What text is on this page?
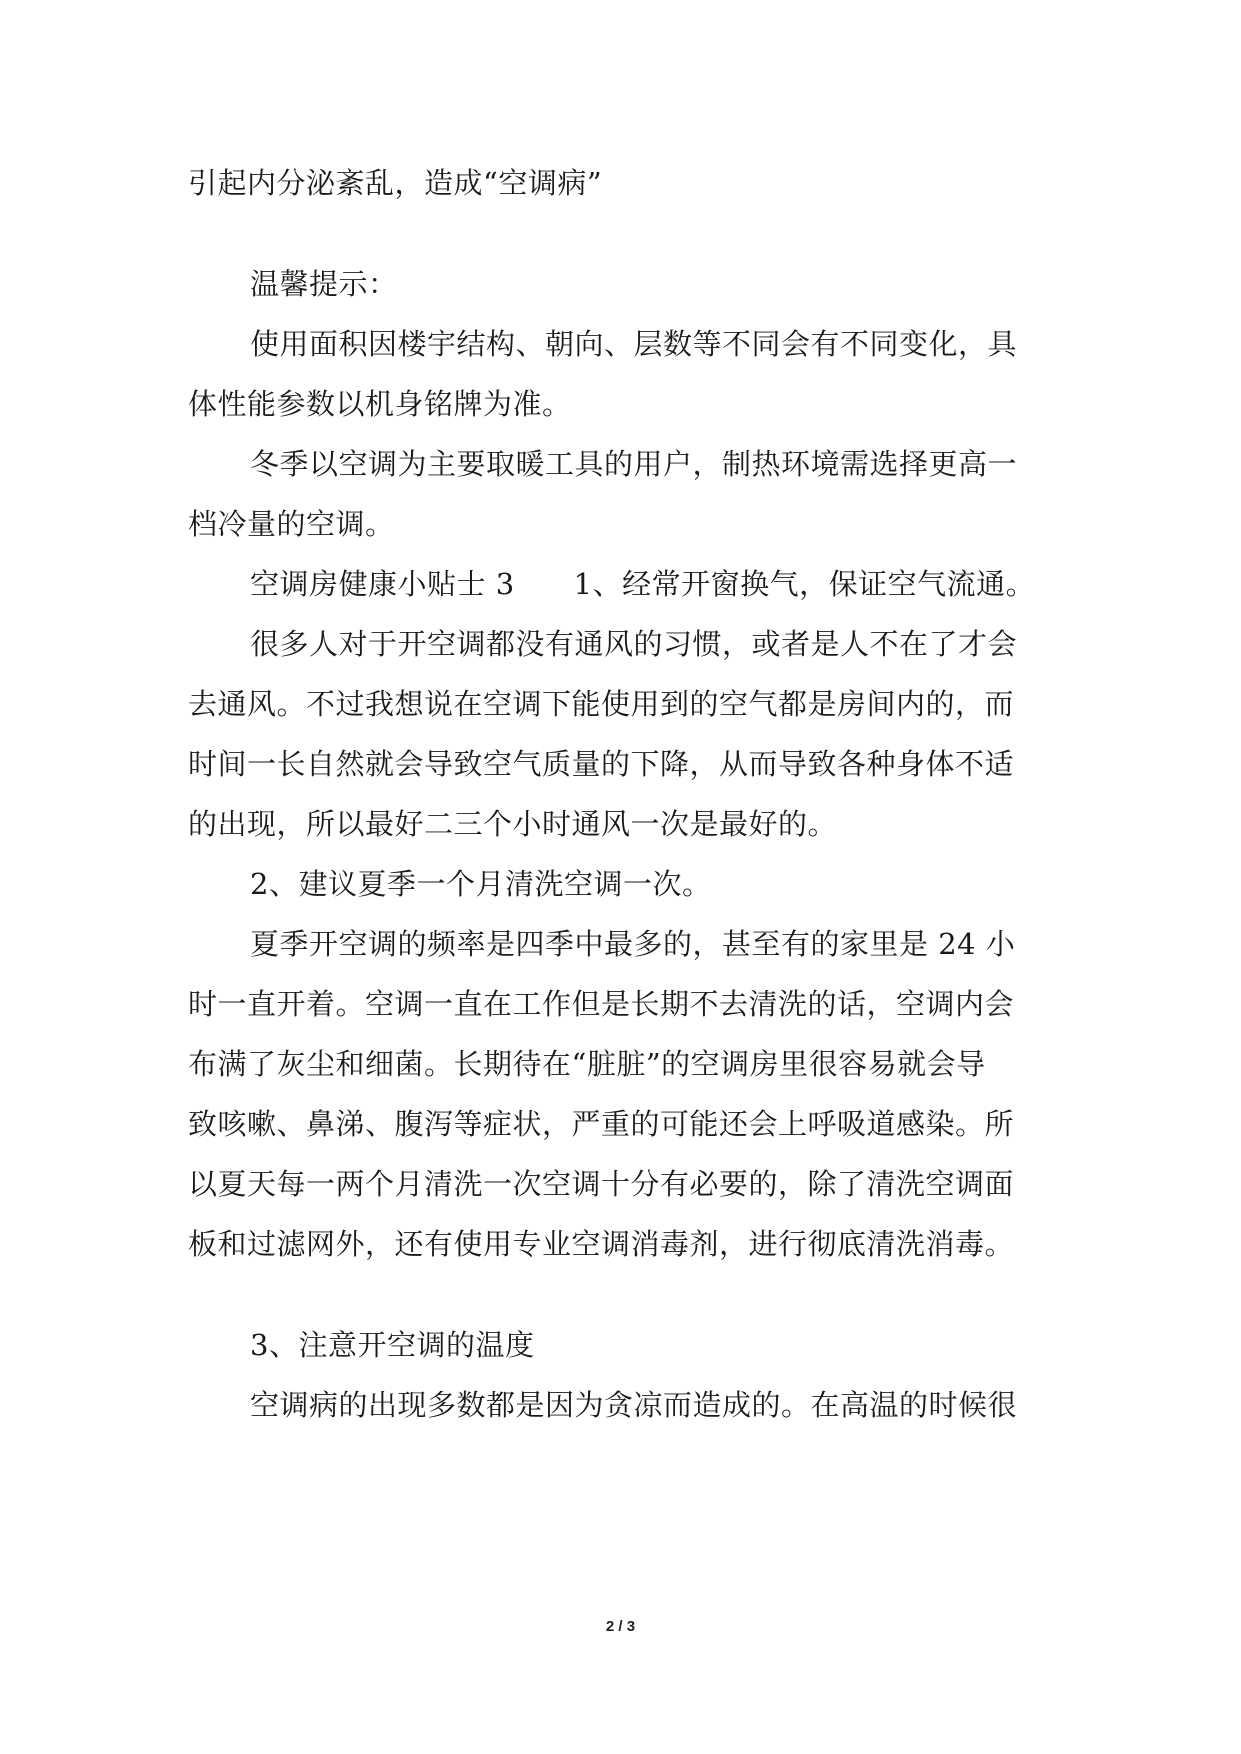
引起内分泌紊乱，造成“空调病”
温馨提示：
使用面积因楼宇结构、朝向、层数等不同会有不同变化，具
体性能参数以机身铭牌为准。
冬季以空调为主要取暖工具的用户，制热环境需选择更高一
档冷量的空调。
空调房健康小贴士 3　　1、经常开窗换气，保证空气流通。
很多人对于开空调都没有通风的习惯，或者是人不在了才会
去通风。不过我想说在空调下能使用到的空气都是房间内的，而
时间一长自然就会导致空气质量的下降，从而导致各种身体不适
的出现，所以最好二三个小时通风一次是最好的。
2、建议夏季一个月清洗空调一次。
夏季开空调的频率是四季中最多的，甚至有的家里是 24 小
时一直开着。空调一直在工作但是长期不去清洗的话，空调内会
布满了灰尘和细菌。长期待在“脏脏”的空调房里很容易就会导
致咳嗽、鼻涕、腹泻等症状，严重的可能还会上呼吸道感染。所
以夏天每一两个月清洗一次空调十分有必要的，除了清洗空调面
板和过滤网外，还有使用专业空调消毒剂，进行彻底清洗消毒。
3、注意开空调的温度
空调病的出现多数都是因为贪凉而造成的。在高温的时候很
2 / 3
